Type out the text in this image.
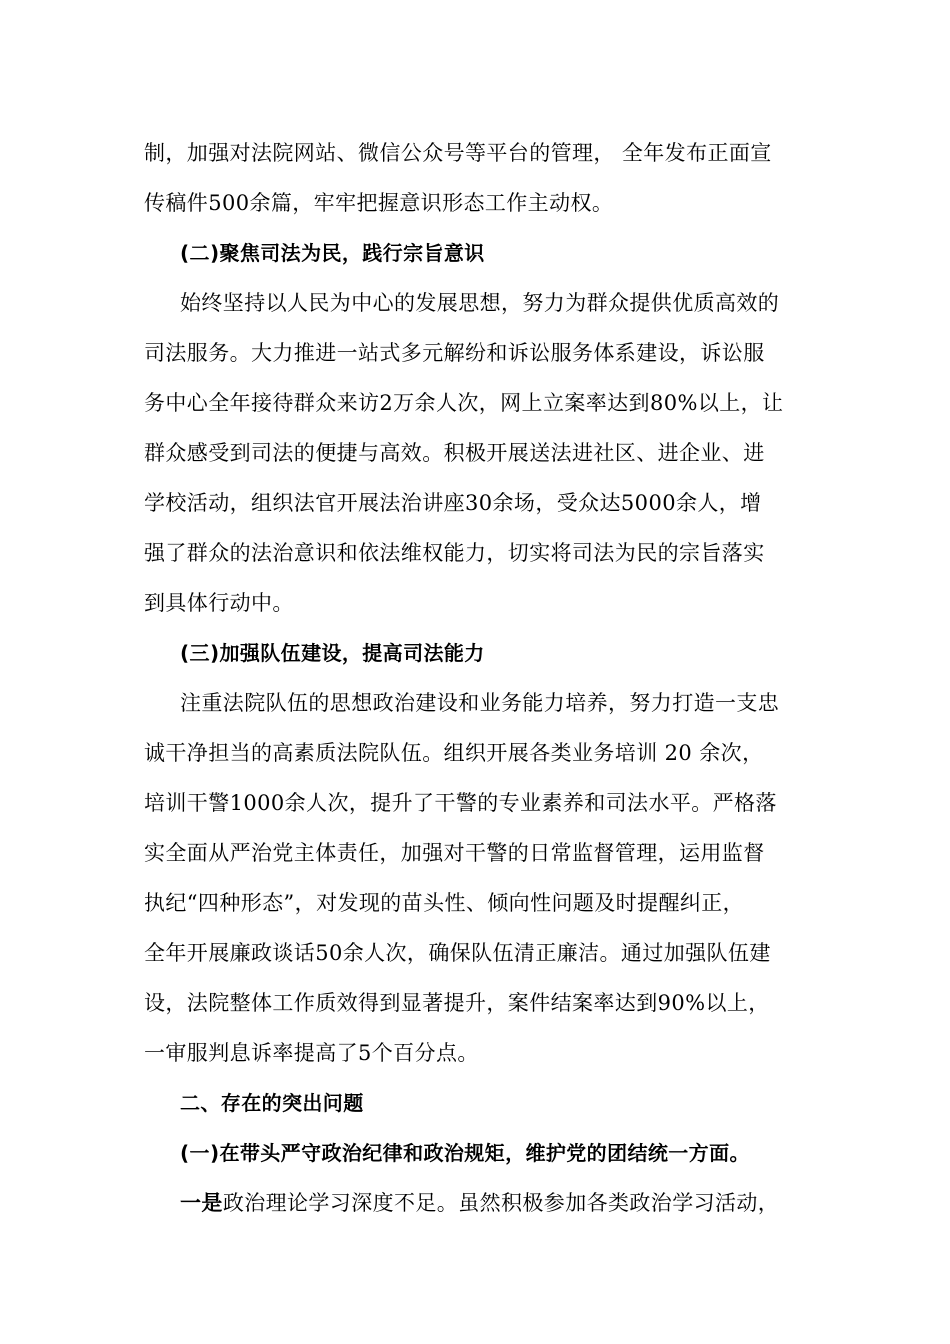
制，加强对法院网站、微信公众号等平台的管理， 全年发布正面宣
传稿件500余篇，牢牢把握意识形态工作主动权。
(二)聚焦司法为民，践行宗旨意识
始终坚持以人民为中心的发展思想，努力为群众提供优质高效的
司法服务。大力推进一站式多元解纷和诉讼服务体系建设，诉讼服
务中心全年接待群众来访2万余人次，网上立案率达到80%以上，让
群众感受到司法的便捷与高效。积极开展送法进社区、进企业、进
学校活动，组织法官开展法治讲座30余场，受众达5000余人，增
强了群众的法治意识和依法维权能力，切实将司法为民的宗旨落实
到具体行动中。
(三)加强队伍建设，提高司法能力
注重法院队伍的思想政治建设和业务能力培养，努力打造一支忠
诚干净担当的高素质法院队伍。组织开展各类业务培训 20 余次，
培训干警1000余人次，提升了干警的专业素养和司法水平。严格落
实全面从严治党主体责任，加强对干警的日常监督管理，运用监督
执纪“四种形态”，对发现的苗头性、倾向性问题及时提醒纠正，
全年开展廉政谈话50余人次，确保队伍清正廉洁。通过加强队伍建
设，法院整体工作质效得到显著提升，案件结案率达到90%以上，
一审服判息诉率提高了5个百分点。
二、存在的突出问题
(一)在带头严守政治纪律和政治规矩，维护党的团结统一方面。
一是政治理论学习深度不足。虽然积极参加各类政治学习活动，
